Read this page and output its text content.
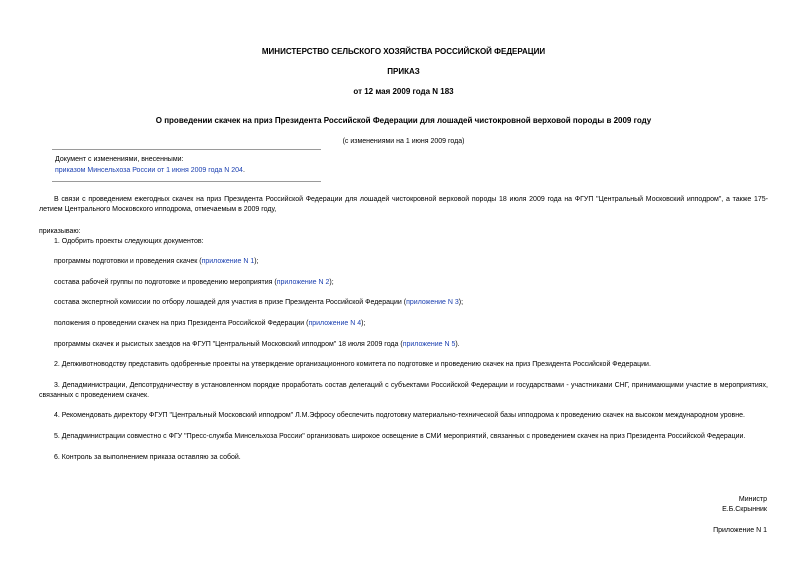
МИНИСТЕРСТВО СЕЛЬСКОГО ХОЗЯЙСТВА РОССИЙСКОЙ ФЕДЕРАЦИИ
ПРИКАЗ
от 12 мая 2009 года N 183
О проведении скачек на приз Президента Российской Федерации для лошадей чистокровной верховой породы в 2009 году
(с изменениями на 1 июня 2009 года)
Документ с изменениями, внесенными:
приказом Минсельхоза России от 1 июня 2009 года N 204.
В связи с проведением ежегодных скачек на приз Президента Российской Федерации для лошадей чистокровной верховой породы 18 июля 2009 года на ФГУП "Центральный Московский ипподром", а также 175-летием Центрального Московского ипподрома, отмечаемым в 2009 году,
приказываю:
1. Одобрить проекты следующих документов:
программы подготовки и проведения скачек (приложение N 1);
состава рабочей группы по подготовке и проведению мероприятия (приложение N 2);
состава экспертной комиссии по отбору лошадей для участия в призе Президента Российской Федерации (приложение N 3);
положения о проведении скачек на приз Президента Российской Федерации (приложение N 4);
программы скачек и рысистых заездов на ФГУП "Центральный Московский ипподром" 18 июля 2009 года (приложение N 5).
2. Депживотноводству представить одобренные проекты на утверждение организационного комитета по подготовке и проведению скачек на приз Президента Российской Федерации.
3. Депадминистрации, Депсотрудничеству в установленном порядке проработать состав делегаций с субъектами Российской Федерации и государствами - участниками СНГ, принимающими участие в мероприятиях, связанных с проведением скачек.
4. Рекомендовать директору ФГУП "Центральный Московский ипподром" Л.М.Эфроcу обеспечить подготовку материально-технической базы ипподрома к проведению скачек на высоком международном уровне.
5. Депадминистрации совместно с ФГУ "Пресс-служба Минсельхоза России" организовать широкое освещение в СМИ мероприятий, связанных с проведением скачек на приз Президента Российской Федерации.
6. Контроль за выполнением приказа оставляю за собой.
Министр
Е.Б.Скрынник
Приложение N 1
